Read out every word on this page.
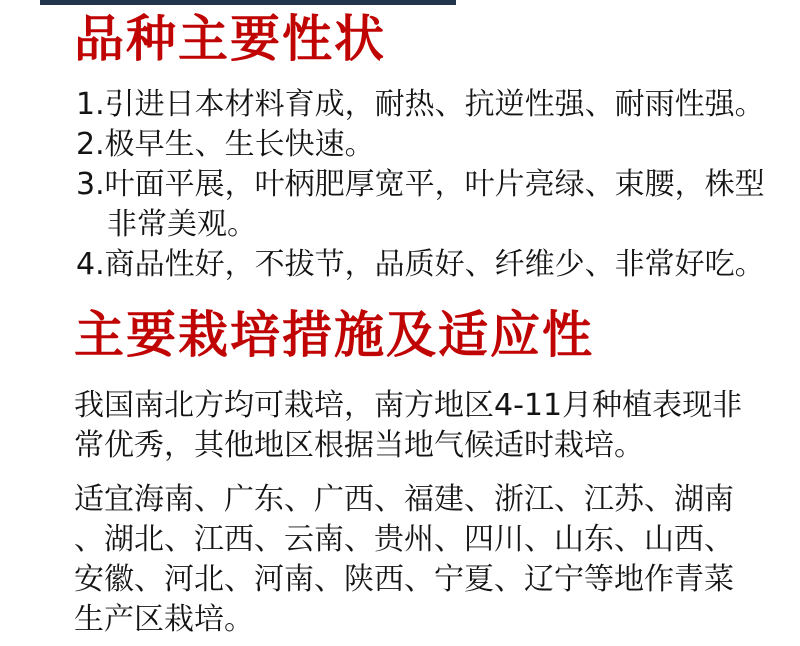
品种主要性状
1.引进日本材料育成，耐热、抗逆性强、耐雨性强。
2.极早生、生长快速。
3.叶面平展，叶柄肥厚宽平，叶片亮绿、束腰，株型非常美观。
4.商品性好，不拔节，品质好、纤维少、非常好吃。
主要栽培措施及适应性

我国南北方均可栽培，南方地区4-11月种植表现非常优秀，其他地区根据当地气候适时栽培。

适宜海南、广东、广西、福建、浙江、江苏、湖南、湖北、江西、云南、贵州、四川、山东、山西、安徽、河北、河南、陕西、宁夏、辽宁等地作青菜生产区栽培。
